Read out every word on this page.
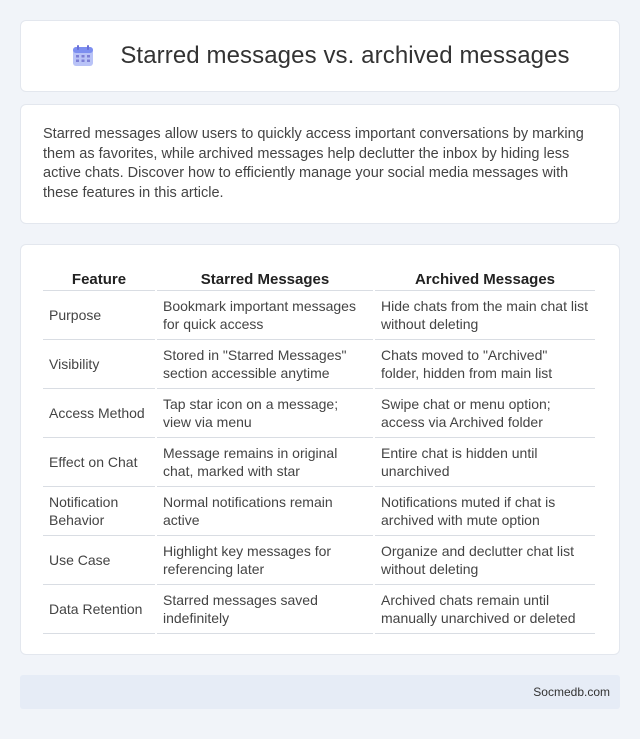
Starred messages vs. archived messages

Starred messages allow users to quickly access important conversations by marking them as favorites, while archived messages help declutter the inbox by hiding less active chats. Discover how to efficiently manage your social media messages with these features in this article.

Feature	Starred Messages	Archived Messages
Purpose	Bookmark important messages for quick access	Hide chats from the main chat list without deleting
Visibility	Stored in "Starred Messages" section accessible anytime	Chats moved to "Archived" folder, hidden from main list
Access Method	Tap star icon on a message; view via menu	Swipe chat or menu option; access via Archived folder
Effect on Chat	Message remains in original chat, marked with star	Entire chat is hidden until unarchived
Notification Behavior	Normal notifications remain active	Notifications muted if chat is archived with mute option
Use Case	Highlight key messages for referencing later	Organize and declutter chat list without deleting
Data Retention	Starred messages saved indefinitely	Archived chats remain until manually unarchived or deleted
Socmedb.com
